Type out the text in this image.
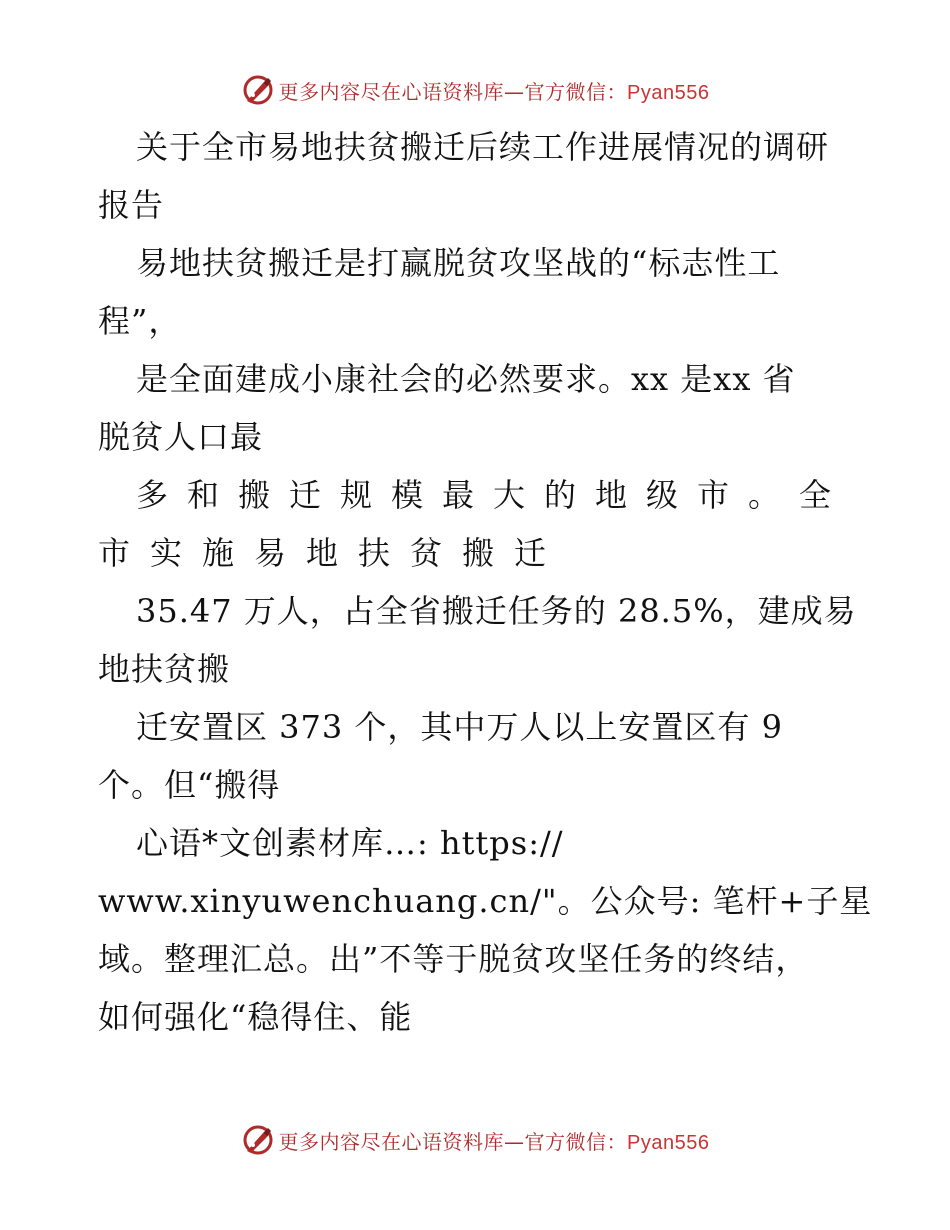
更多内容尽在心语资料库—官方微信：Pyan556
关于全市易地扶贫搬迁后续工作进展情况的调研
报告
易地扶贫搬迁是打赢脱贫攻坚战的“标志性工
程”，
是全面建成小康社会的必然要求。xx 是xx 省
脱贫人口最
多和搬迁规模最大的地级市。全
市实施易地扶贫搬迁
35.47 万人，占全省搬迁任务的 28.5%，建成易
地扶贫搬
迁安置区 373 个，其中万人以上安置区有 9
个。但“搬得
心语*文创素材库…: https://
www.xinyuwenchuang.cn/"。公众号: 笔杆+子星
域。整理汇总。出”不等于脱贫攻坚任务的终结，
如何强化“稳得住、能
更多内容尽在心语资料库—官方微信：Pyan556
